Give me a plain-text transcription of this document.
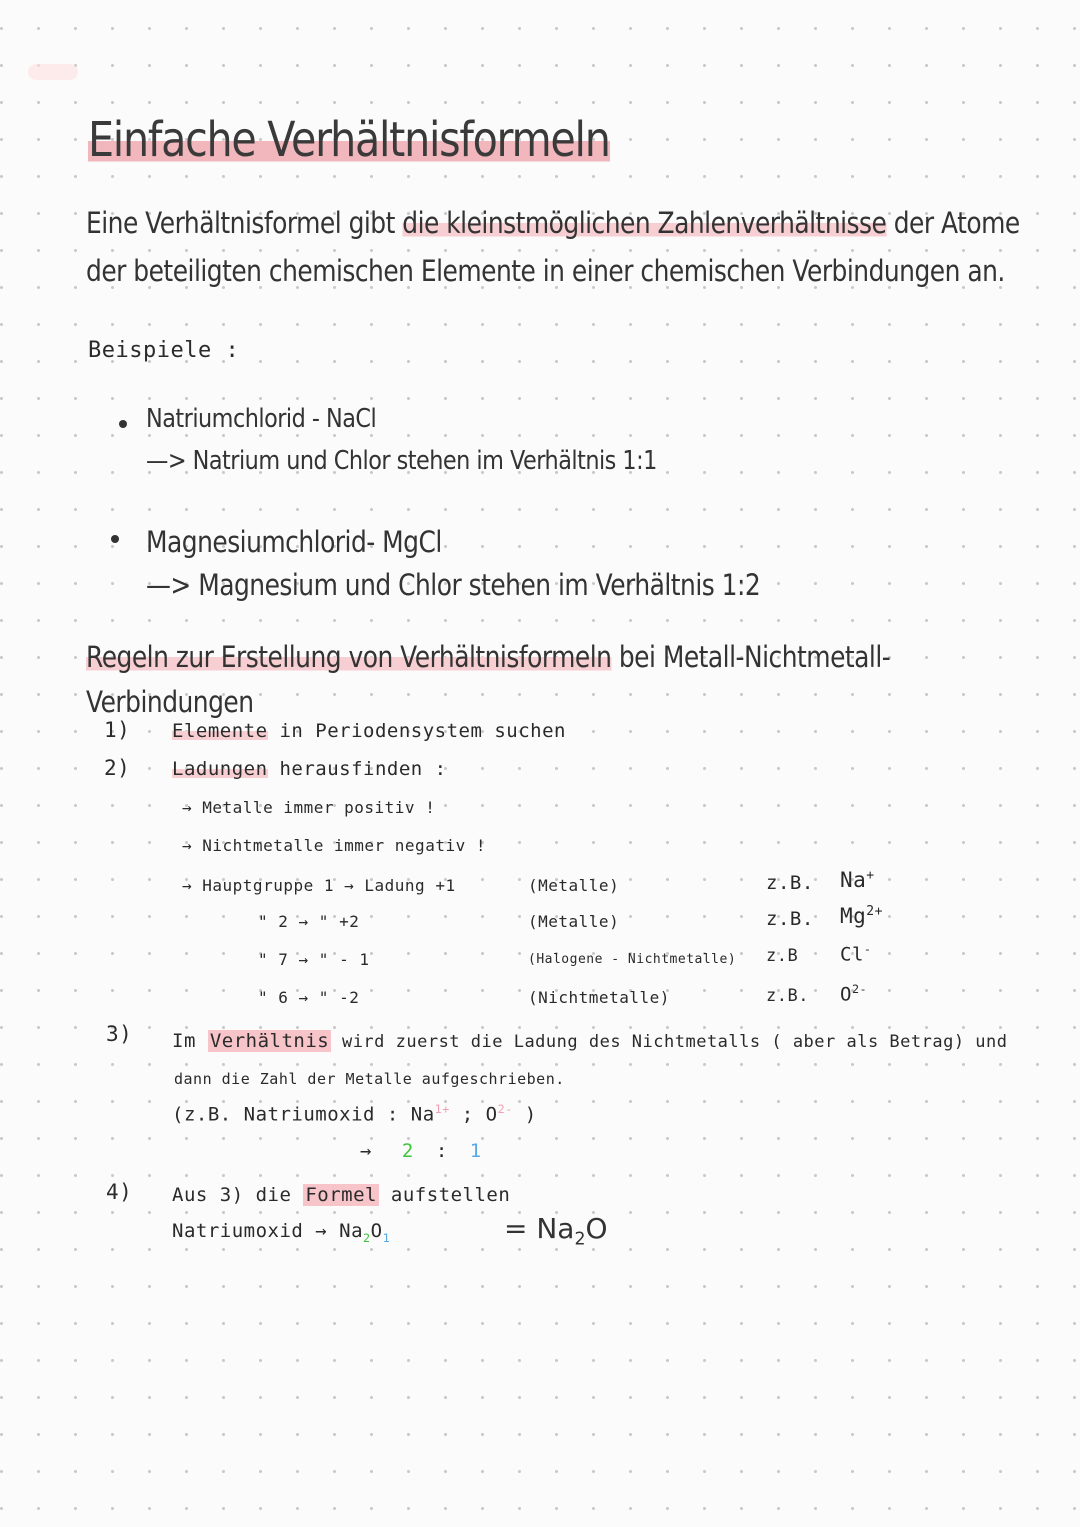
Einfache Verhältnisformeln
Eine Verhältnisformel gibt die kleinstmöglichen Zahlenverhältnisse der Atome
der beteiligten chemischen Elemente in einer chemischen Verbindungen an.
Beispiele :
Natriumchlorid - NaCl
—> Natrium und Chlor stehen im Verhältnis 1:1
Magnesiumchlorid- MgCl
—> Magnesium und Chlor stehen im Verhältnis 1:2
Regeln zur Erstellung von Verhältnisformeln bei Metall-Nichtmetall-
Verbindungen
1) Elemente in Periodensystem suchen
2) Ladungen herausfinden :
→ Metalle immer positiv !
→ Nichtmetalle immer negativ !
→ Hauptgruppe 1 → Ladung +1	(Metalle)	z.B. Na+
" 2 → " +2	(Metalle)	z.B. $Mg^{2+}$
" 7 → " - 1	(Halogene - Nichtmetalle) z.B Cl-
" 6 → " -2	(Nichtmetalle)	z.B. $O^{2-}$
3) Im Verhältnis wird zuerst die Ladung des Nichtmetalls ( aber als Betrag) und
dann die Zahl der Metalle aufgeschrieben.
(z.B. Natriumoxid : $Na^{1+}$ ; $O^{2-}$ )
→ 2 : 1
4) Aus 3) die Formel aufstellen
Natriumoxid → $Na_2O_1$	= $Na_2O$
